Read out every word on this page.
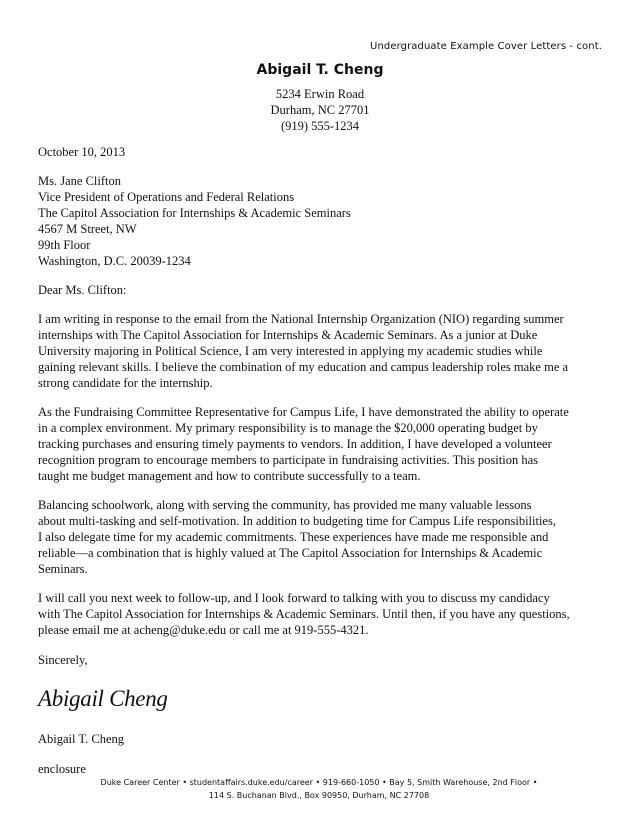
Undergraduate Example Cover Letters - cont.
Abigail T. Cheng
5234 Erwin Road
Durham, NC 27701
(919) 555-1234
October 10, 2013
Ms. Jane Clifton
Vice President of Operations and Federal Relations
The Capitol Association for Internships & Academic Seminars
4567 M Street, NW
99th Floor
Washington, D.C. 20039-1234
Dear Ms. Clifton:
I am writing in response to the email from the National Internship Organization (NIO) regarding summer
internships with The Capitol Association for Internships & Academic Seminars. As a junior at Duke
University majoring in Political Science, I am very interested in applying my academic studies while
gaining relevant skills. I believe the combination of my education and campus leadership roles make me a
strong candidate for the internship.
As the Fundraising Committee Representative for Campus Life, I have demonstrated the ability to operate
in a complex environment. My primary responsibility is to manage the $20,000 operating budget by
tracking purchases and ensuring timely payments to vendors. In addition, I have developed a volunteer
recognition program to encourage members to participate in fundraising activities. This position has
taught me budget management and how to contribute successfully to a team.
Balancing schoolwork, along with serving the community, has provided me many valuable lessons
about multi-tasking and self-motivation. In addition to budgeting time for Campus Life responsibilities,
I also delegate time for my academic commitments. These experiences have made me responsible and
reliable—a combination that is highly valued at The Capitol Association for Internships & Academic
Seminars.
I will call you next week to follow-up, and I look forward to talking with you to discuss my candidacy
with The Capitol Association for Internships & Academic Seminars. Until then, if you have any questions,
please email me at acheng@duke.edu or call me at 919-555-4321.
Sincerely,
Abigail Cheng
Abigail T. Cheng
enclosure
Duke Career Center • studentaffairs.duke.edu/career • 919-660-1050 • Bay 5, Smith Warehouse, 2nd Floor •
114 S. Buchanan Blvd., Box 90950, Durham, NC 27708
